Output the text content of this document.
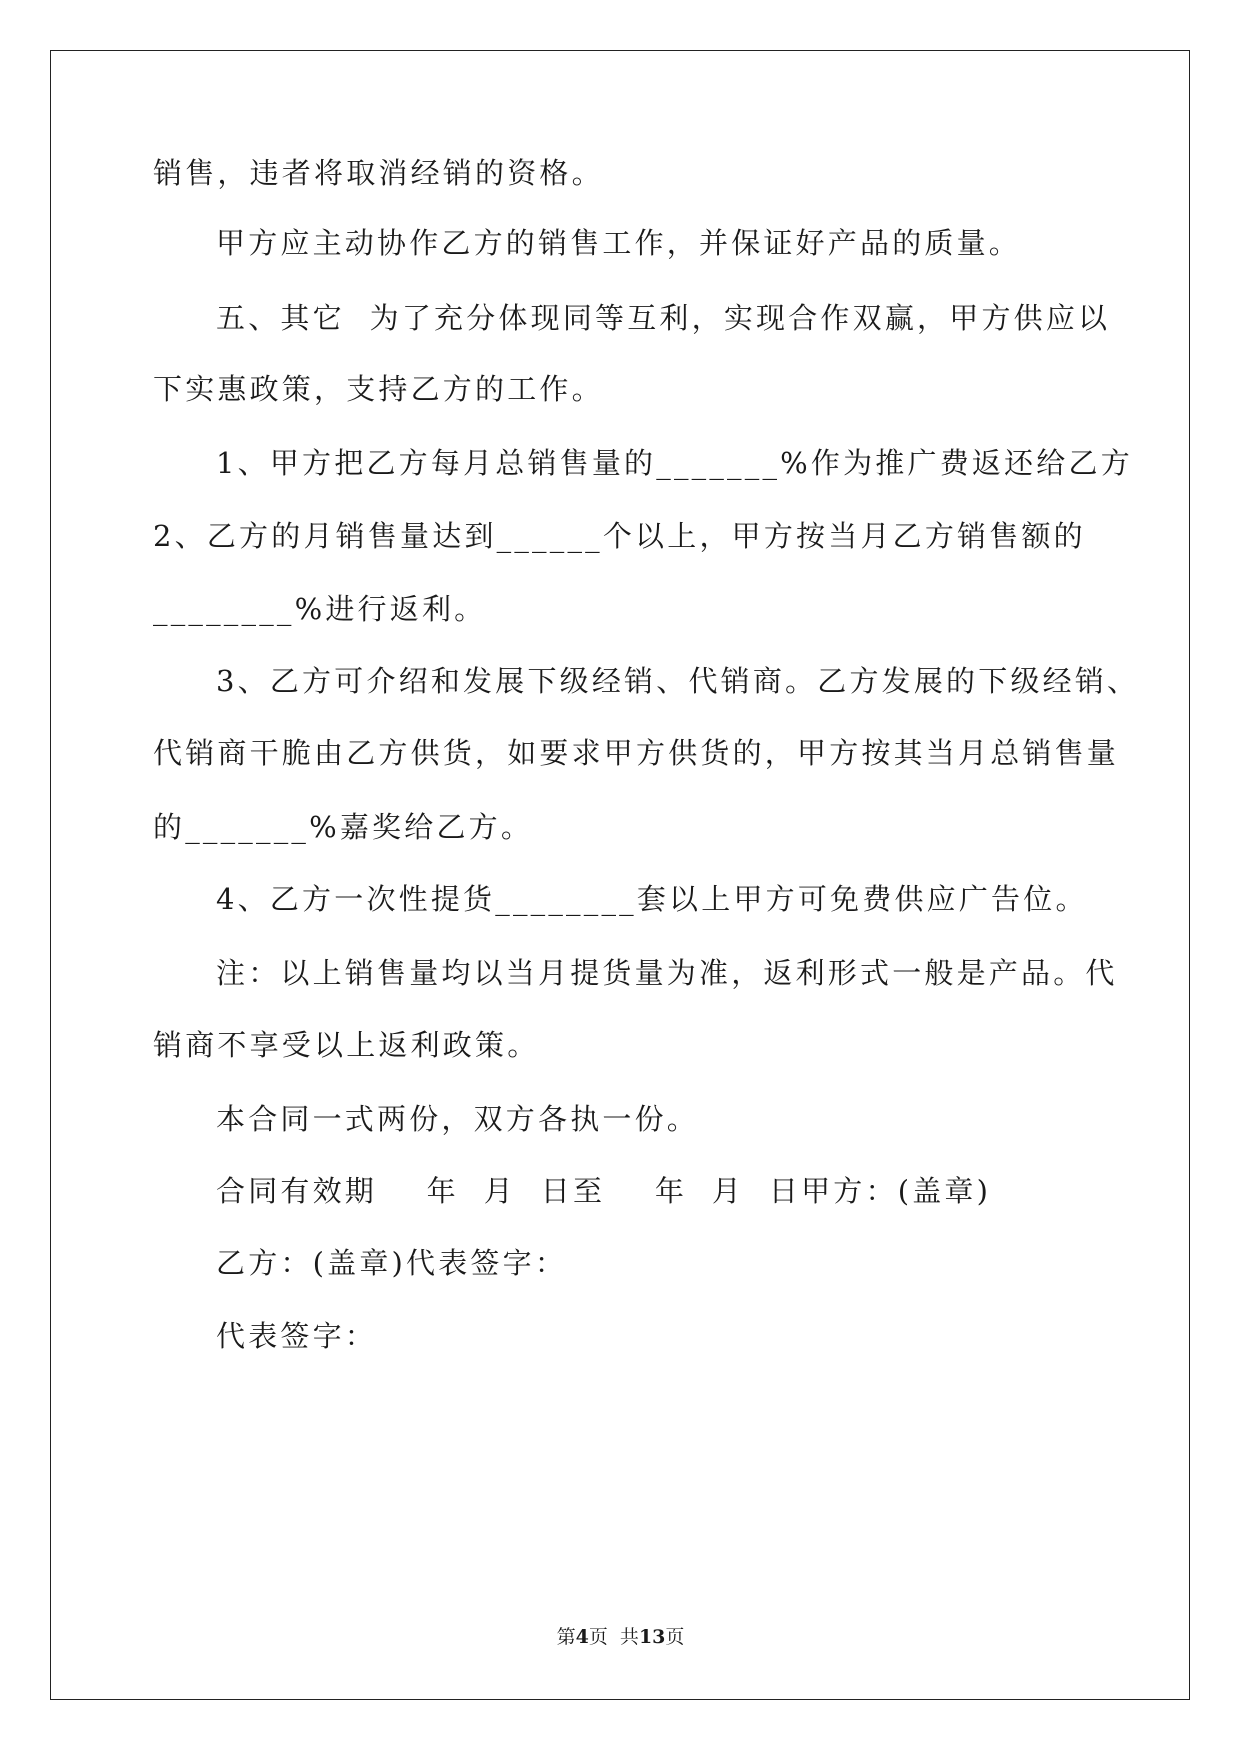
销售，违者将取消经销的资格。
甲方应主动协作乙方的销售工作，并保证好产品的质量。
五、其它  为了充分体现同等互利，实现合作双赢，甲方供应以
下实惠政策，支持乙方的工作。
1、甲方把乙方每月总销售量的_______%作为推广费返还给乙方
2、乙方的月销售量达到______个以上，甲方按当月乙方销售额的
________%进行返利。
3、乙方可介绍和发展下级经销、代销商。乙方发展的下级经销、
代销商干脆由乙方供货，如要求甲方供货的，甲方按其当月总销售量
的_______%嘉奖给乙方。
4、乙方一次性提货________套以上甲方可免费供应广告位。
注：以上销售量均以当月提货量为准，返利形式一般是产品。代
销商不享受以上返利政策。
本合同一式两份，双方各执一份。
合同有效期    年  月  日至    年  月  日甲方：(盖章)
乙方：(盖章)代表签字：
代表签字：
第4页  共13页
